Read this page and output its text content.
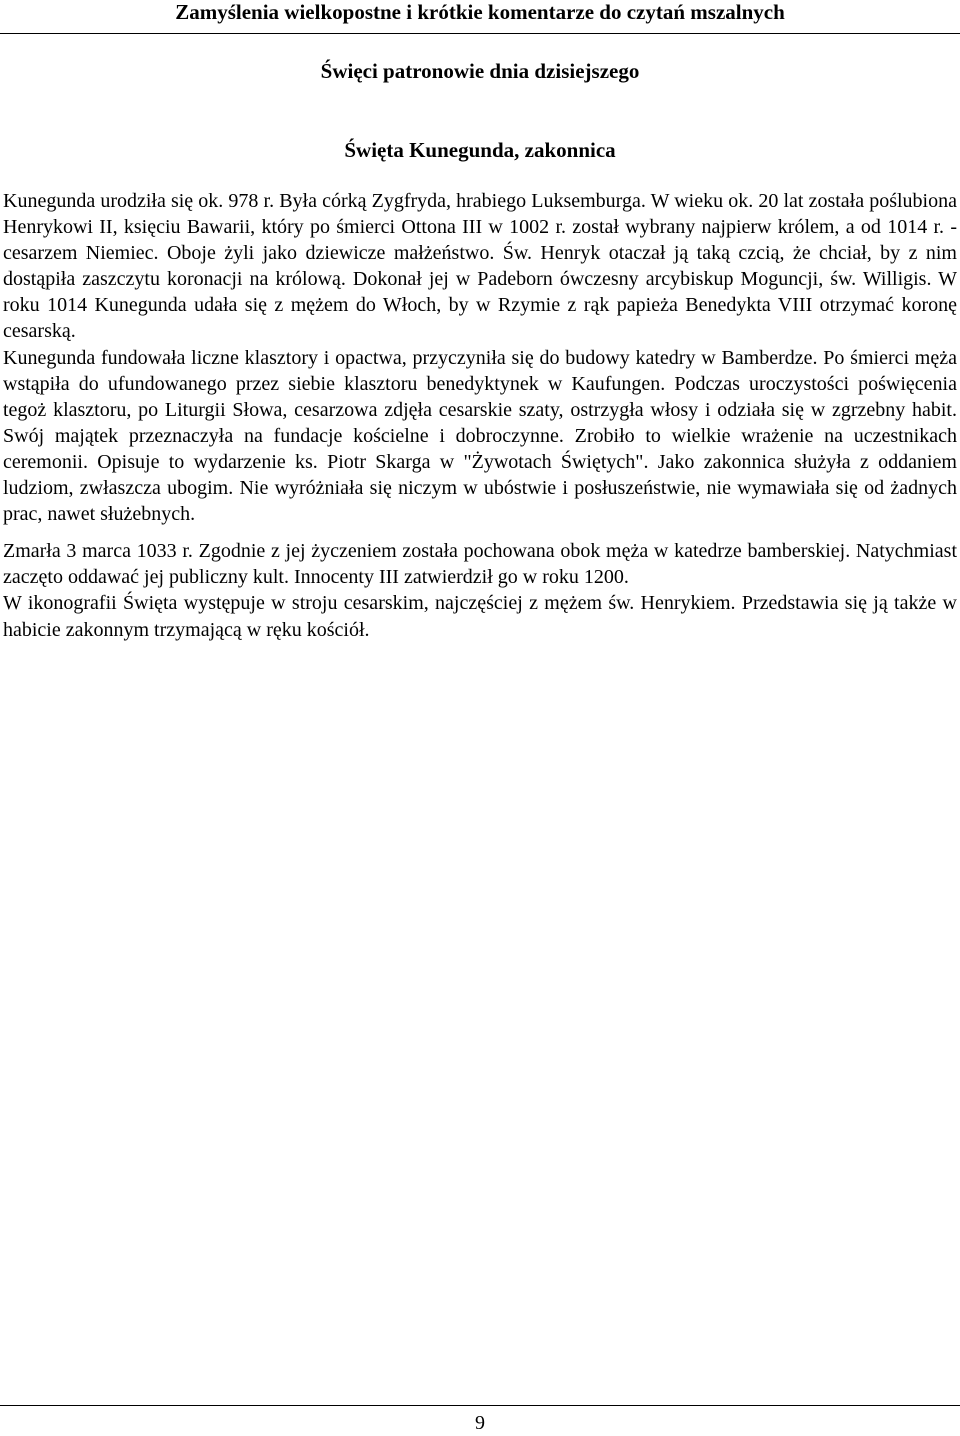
Zamyślenia wielkopostne i krótkie komentarze do czytań mszalnych
Święci patronowie dnia dzisiejszego
Święta Kunegunda, zakonnica

Kunegunda urodziła się ok. 978 r. Była córką Zygfryda, hrabiego Luksemburga. W wieku ok. 20 lat została poślubiona Henrykowi II, księciu Bawarii, który po śmierci Ottona III w 1002 r. został wybrany najpierw królem, a od 1014 r. - cesarzem Niemiec. Oboje żyli jako dziewicze małżeństwo. Św. Henryk otaczał ją taką czcią, że chciał, by z nim dostąpiła zaszczytu koronacji na królową. Dokonał jej w Padeborn ówczesny arcybiskup Moguncji, św. Willigis. W roku 1014 Kunegunda udała się z mężem do Włoch, by w Rzymie z rąk papieża Benedykta VIII otrzymać koronę cesarską.

Kunegunda fundowała liczne klasztory i opactwa, przyczyniła się do budowy katedry w Bamberdze. Po śmierci męża wstąpiła do ufundowanego przez siebie klasztoru benedyktynek w Kaufungen. Podczas uroczystości poświęcenia tegoż klasztoru, po Liturgii Słowa, cesarzowa zdjęła cesarskie szaty, ostrzygła włosy i odziała się w zgrzebny habit. Swój majątek przeznaczyła na fundacje kościelne i dobroczynne. Zrobiło to wielkie wrażenie na uczestnikach ceremonii. Opisuje to wydarzenie ks. Piotr Skarga w "Żywotach Świętych". Jako zakonnica służyła z oddaniem ludziom, zwłaszcza ubogim. Nie wyróżniała się niczym w ubóstwie i posłuszeństwie, nie wymawiała się od żadnych prac, nawet służebnych.

Zmarła 3 marca 1033 r. Zgodnie z jej życzeniem została pochowana obok męża w katedrze bamberskiej. Natychmiast zaczęto oddawać jej publiczny kult. Innocenty III zatwierdził go w roku 1200.

W ikonografii Święta występuje w stroju cesarskim, najczęściej z mężem św. Henrykiem. Przedstawia się ją także w habicie zakonnym trzymającą w ręku kościół.

9
